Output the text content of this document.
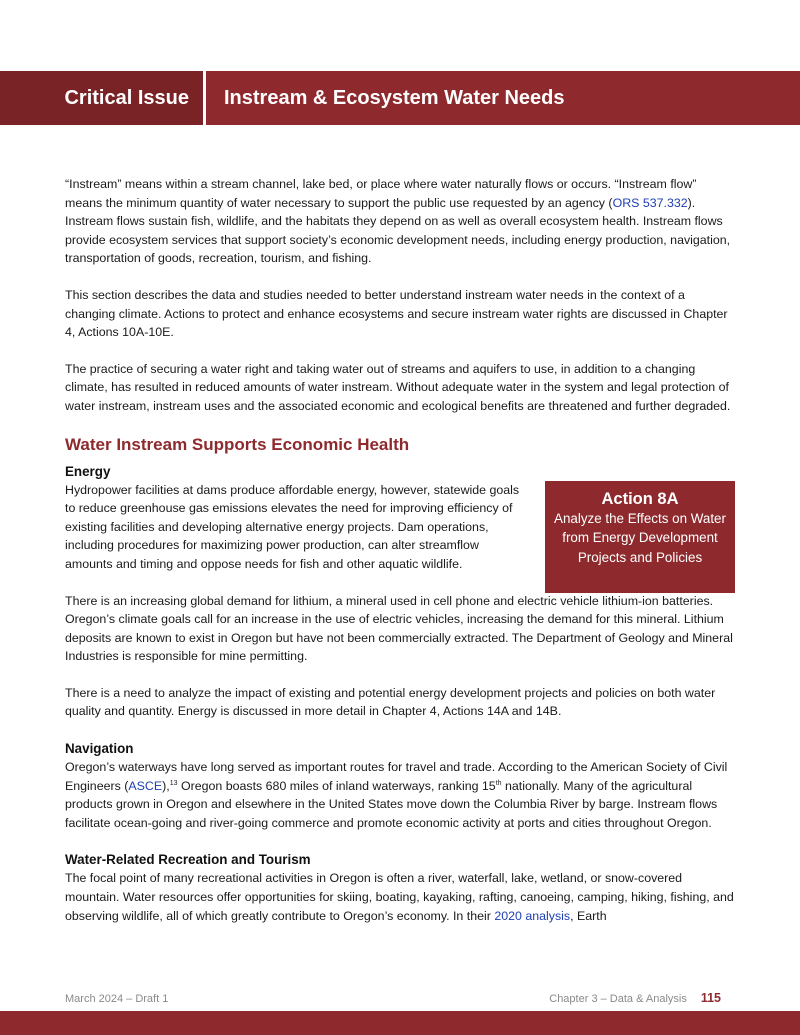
Critical Issue	Instream & Ecosystem Water Needs

“Instream” means within a stream channel, lake bed, or place where water naturally flows or occurs. “Instream flow” means the minimum quantity of water necessary to support the public use requested by an agency (ORS 537.332). Instream flows sustain fish, wildlife, and the habitats they depend on as well as overall ecosystem health. Instream flows provide ecosystem services that support society’s economic development needs, including energy production, navigation, transportation of goods, recreation, tourism, and fishing.

This section describes the data and studies needed to better understand instream water needs in the context of a changing climate. Actions to protect and enhance ecosystems and secure instream water rights are discussed in Chapter 4, Actions 10A-10E.

The practice of securing a water right and taking water out of streams and aquifers to use, in addition to a changing climate, has resulted in reduced amounts of water instream. Without adequate water in the system and legal protection of water instream, instream uses and the associated economic and ecological benefits are threatened and further degraded.

Water Instream Supports Economic Health
Energy

Hydropower facilities at dams produce affordable energy, however, statewide goals to reduce greenhouse gas emissions elevates the need for improving efficiency of existing facilities and developing alternative energy projects. Dam operations, including procedures for maximizing power production, can alter streamflow amounts and timing and oppose needs for fish and other aquatic wildlife.

Action 8A
Analyze the Effects on Water from Energy Development Projects and Policies

There is an increasing global demand for lithium, a mineral used in cell phone and electric vehicle lithium-ion batteries. Oregon’s climate goals call for an increase in the use of electric vehicles, increasing the demand for this mineral. Lithium deposits are known to exist in Oregon but have not been commercially extracted. The Department of Geology and Mineral Industries is responsible for mine permitting.

There is a need to analyze the impact of existing and potential energy development projects and policies on both water quality and quantity. Energy is discussed in more detail in Chapter 4, Actions 14A and 14B.

Navigation

Oregon’s waterways have long served as important routes for travel and trade. According to the American Society of Civil Engineers (ASCE),$^{13}$ Oregon boasts 680 miles of inland waterways, ranking 15th nationally. Many of the agricultural products grown in Oregon and elsewhere in the United States move down the Columbia River by barge. Instream flows facilitate ocean-going and river-going commerce and promote economic activity at ports and cities throughout Oregon.

Water-Related Recreation and Tourism

The focal point of many recreational activities in Oregon is often a river, waterfall, lake, wetland, or snow-covered mountain. Water resources offer opportunities for skiing, boating, kayaking, rafting, canoeing, camping, hiking, fishing, and observing wildlife, all of which greatly contribute to Oregon’s economy. In their 2020 analysis, Earth

March 2024 – Draft 1	Chapter 3 – Data & Analysis 115
